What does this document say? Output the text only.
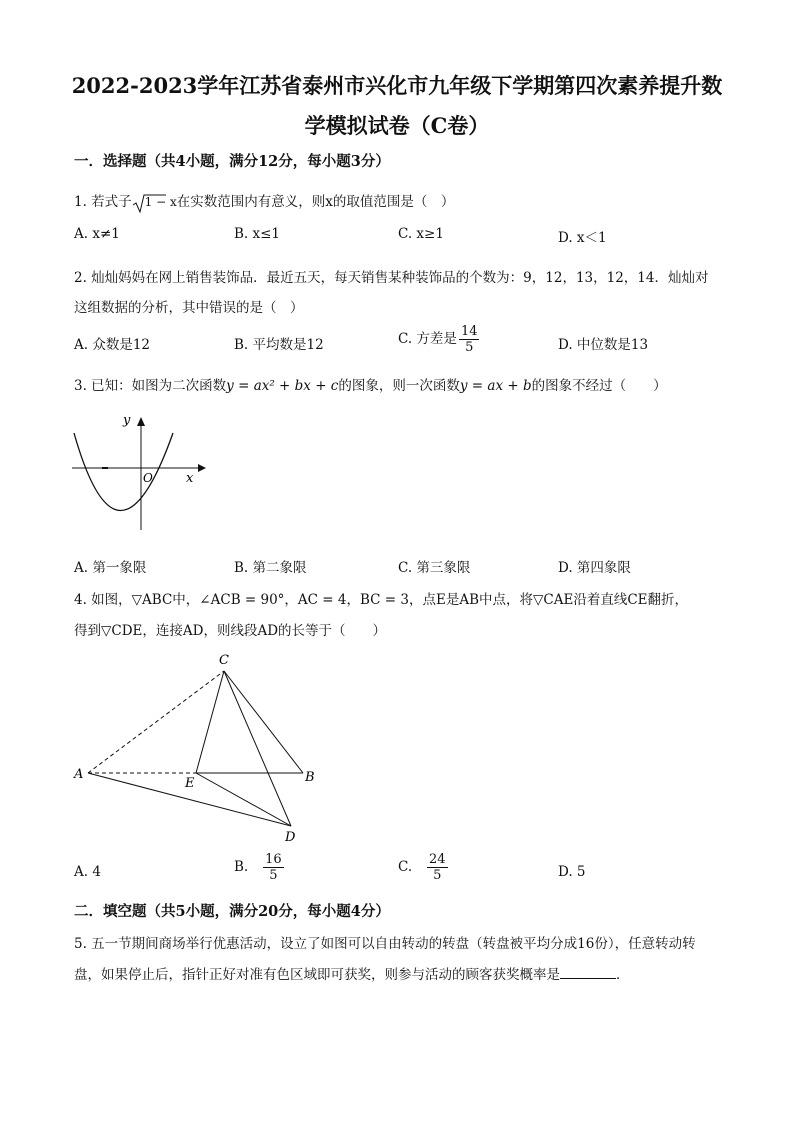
2022-2023学年江苏省泰州市兴化市九年级下学期第四次素养提升数
学模拟试卷（C卷）
一．选择题（共4小题，满分12分，每小题3分）
1. 若式子 1 − x在实数范围内有意义，则x的取值范围是（　）
A. x≠1	B. x≤1	C. x≥1	D. x＜1
2. 灿灿妈妈在网上销售装饰品．最近五天，每天销售某种装饰品的个数为：9，12，13，12，14．灿灿对
这组数据的分析，其中错误的是（　）
A. 众数是12	B. 平均数是12	C. 方差是 $\frac{14}{5}$	D. 中位数是13
3. 已知：如图为二次函数y = ax² + bx + c的图象，则一次函数y = ax + b的图象不经过（　　）
y
x
O
A. 第一象限	B. 第二象限	C. 第三象限	D. 第四象限
4. 如图，▽ABC中，∠ACB = 90°，AC = 4，BC = 3，点E是AB中点，将▽CAE沿着直线CE翻折，
得到▽CDE，连接AD，则线段AD的长等于（　　）
C
A
E	B
D
A. 4	B. $\frac{16}{5}$	C. $\frac{24}{5}$	D. 5
二．填空题（共5小题，满分20分，每小题4分）
5. 五一节期间商场举行优惠活动，设立了如图可以自由转动的转盘（转盘被平均分成16份），任意转动转
盘，如果停止后，指针正好对准有色区域即可获奖，则参与活动的顾客获奖概率是	．
